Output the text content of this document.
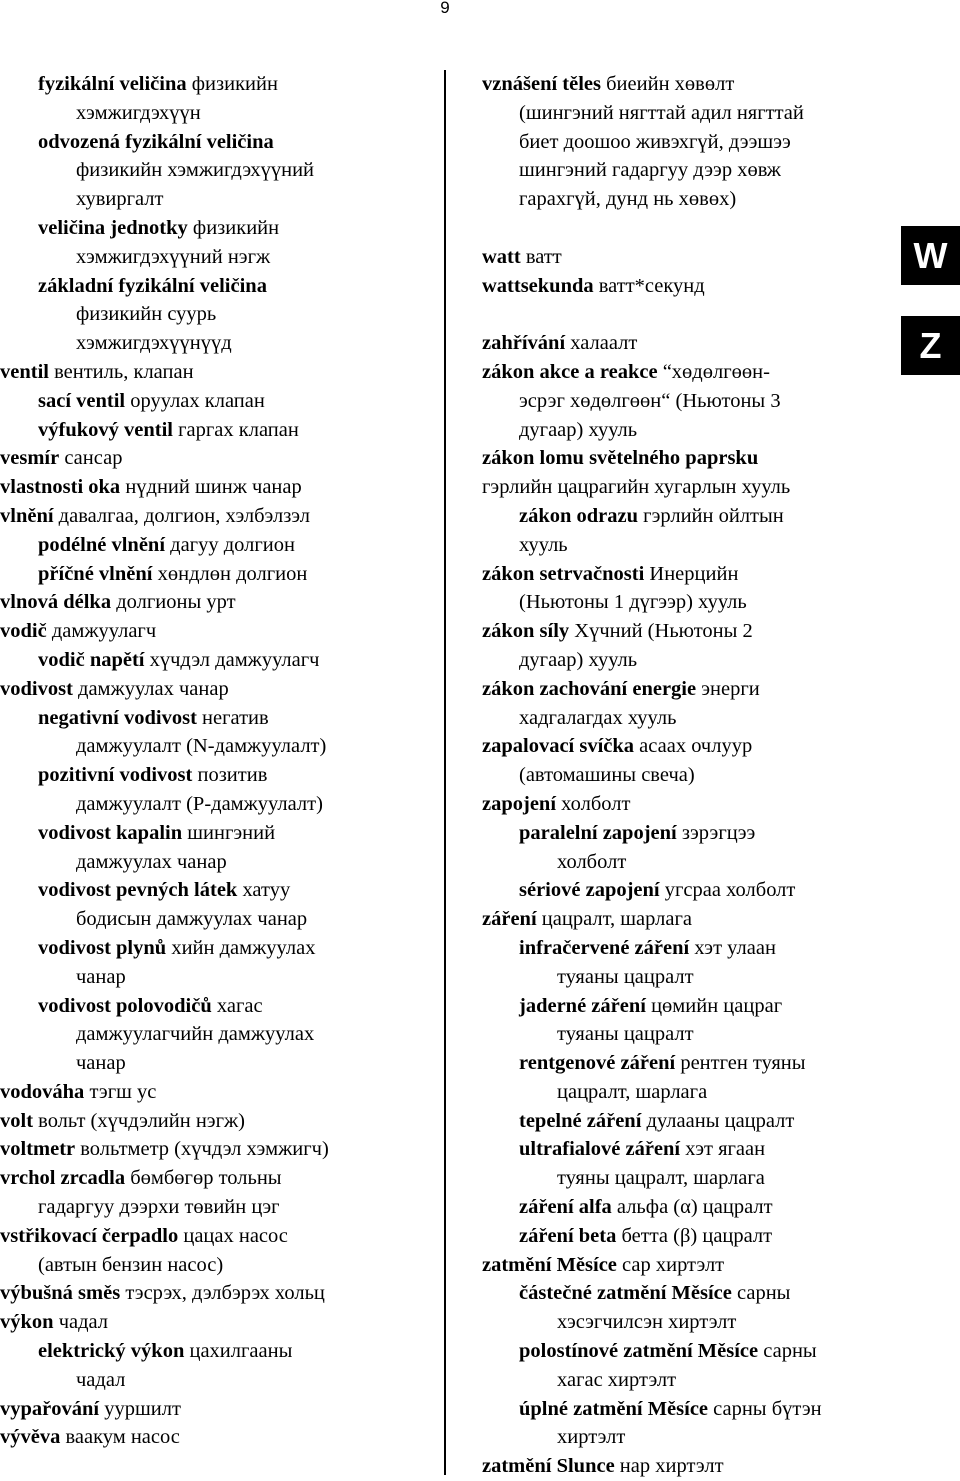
9
fyzikální veličina физикийн
хэмжигдэхүүн
odvozená fyzikální veličina
физикийн хэмжигдэхүүний
хувиргалт
veličina jednotky физикийн
хэмжигдэхүүний нэгж
základní fyzikální veličina
физикийн суурь
хэмжигдэхүүнүүд
ventil вентиль, клапан
sací ventil оруулах клапан
výfukový ventil гаргах клапан
vesmír сансар
vlastnosti oka нүдний шинж чанар
vlnění давалгаа, долгион, хэлбэлзэл
podélné vlnění дагуу долгион
příčné vlnění хөндлөн долгион
vlnová délka долгионы урт
vodič дамжуулагч
vodič napětí хүчдэл дамжуулагч
vodivost дамжуулах чанар
negativní vodivost негатив
дамжуулалт (N-дамжуулалт)
pozitivní vodivost позитив
дамжуулалт (P-дамжуулалт)
vodivost kapalin шингэний
дамжуулах чанар
vodivost pevných látek хатуу
бодисын дамжуулах чанар
vodivost plynů хийн дамжуулах
чанар
vodivost polovodičů хагас
дамжуулагчийн дамжуулах
чанар
vodováha тэгш ус
volt вольт (хүчдэлийн нэгж)
voltmetr вольтметр (хүчдэл хэмжигч)
vrchol zrcadla бөмбөгөр тольны
гадаргуу дээрхи төвийн цэг
vstřikovací čerpadlo цацах насос
(автын бензин насос)
výbušná směs тэсрэх, дэлбэрэх хольц
výkon чадал
elektrický výkon цахилгааны
чадал
vypařování ууршилт
vývěva ваакум насос
vznášení těles биеийн хөвөлт
(шингэний нягттай адил нягттай
биет доошоо живэхгүй, дээшээ
шингэний гадаргуу дээр хөвж
гарахгүй, дунд нь хөвөх)
watt ватт
wattsekunda ватт*секунд
zahřívání халаалт
zákon akce a reakce “хөдөлгөөн-
эсрэг хөдөлгөөн“ (Ньютоны 3
дугаар) хууль
zákon lomu světelného paprsku
гэрлийн цацрагийн хугарлын хууль
zákon odrazu гэрлийн ойлтын
хууль
zákon setrvačnosti Инерцийн
(Ньютоны 1 дүгээр) хууль
zákon síly Хүчний (Ньютоны 2
дугаар) хууль
zákon zachování energie энерги
хадгалагдах хууль
zapalovací svíčka асаах очлуур
(автомашины свеча)
zapojení холболт
paralelní zapojení зэрэгцээ
холболт
sériové zapojení угсраа холболт
záření цацралт, шарлага
infračervené záření хэт улаан
туяаны цацралт
jaderné záření цөмийн цацраг
туяаны цацралт
rentgenové záření рентген туяны
цацралт, шарлага
tepelné záření дулааны цацралт
ultrafialové záření хэт ягаан
туяны цацралт, шарлага
záření alfa альфа (α) цацралт
záření beta бетта (β) цацралт
zatmění Měsíce сар хиртэлт
částečné zatmění Měsíce сарны
хэсэгчилсэн хиртэлт
polostínové zatmění Měsíce сарны
хагас хиртэлт
úplné zatmění Měsíce сарны бүтэн
хиртэлт
zatmění Slunce нар хиртэлт
W
Z
